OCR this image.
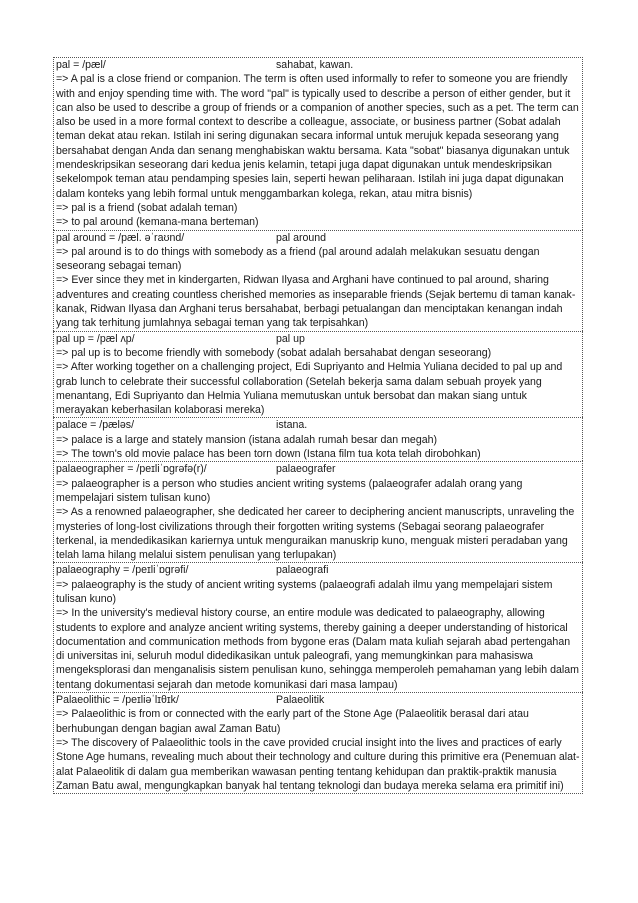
pal = /pæl/	sahabat, kawan.
=> A pal is a close friend or companion. The term is often used informally to refer to someone you are friendly with and enjoy spending time with. The word "pal" is typically used to describe a person of either gender, but it can also be used to describe a group of friends or a companion of another species, such as a pet. The term can also be used in a more formal context to describe a colleague, associate, or business partner (Sobat adalah teman dekat atau rekan. Istilah ini sering digunakan secara informal untuk merujuk kepada seseorang yang bersahabat dengan Anda dan senang menghabiskan waktu bersama. Kata "sobat" biasanya digunakan untuk mendeskripsikan seseorang dari kedua jenis kelamin, tetapi juga dapat digunakan untuk mendeskripsikan sekelompok teman atau pendamping spesies lain, seperti hewan peliharaan. Istilah ini juga dapat digunakan dalam konteks yang lebih formal untuk menggambarkan kolega, rekan, atau mitra bisnis)
=> pal is a friend (sobat adalah teman)
=> to pal around (kemana-mana berteman)
pal around = /pæl. əˈraʊnd/	pal around
=> pal around is to do things with somebody as a friend (pal around adalah melakukan sesuatu dengan seseorang sebagai teman)
=> Ever since they met in kindergarten, Ridwan Ilyasa and Arghani have continued to pal around, sharing adventures and creating countless cherished memories as inseparable friends (Sejak bertemu di taman kanak-kanak, Ridwan Ilyasa dan Arghani terus bersahabat, berbagi petualangan dan menciptakan kenangan indah yang tak terhitung jumlahnya sebagai teman yang tak terpisahkan)
pal up = /pæl ʌp/	pal up
=> pal up is to become friendly with somebody (sobat adalah bersahabat dengan seseorang)
=> After working together on a challenging project, Edi Supriyanto and Helmia Yuliana decided to pal up and grab lunch to celebrate their successful collaboration (Setelah bekerja sama dalam sebuah proyek yang menantang, Edi Supriyanto dan Helmia Yuliana memutuskan untuk bersobat dan makan siang untuk merayakan keberhasilan kolaborasi mereka)
palace = /pæləs/	istana.
=> palace is a large and stately mansion (istana adalah rumah besar dan megah)
=> The town's old movie palace has been torn down (Istana film tua kota telah dirobohkan)
palaeographer = /peɪliˈɒɡrəfə(r)/	palaeografer
=> palaeographer is a person who studies ancient writing systems (palaeografer adalah orang yang mempelajari sistem tulisan kuno)
=> As a renowned palaeographer, she dedicated her career to deciphering ancient manuscripts, unraveling the mysteries of long-lost civilizations through their forgotten writing systems (Sebagai seorang palaeografer terkenal, ia mendedikasikan kariernya untuk menguraikan manuskrip kuno, menguak misteri peradaban yang telah lama hilang melalui sistem penulisan yang terlupakan)
palaeography = /peɪliˈɒɡrəfi/	palaeografi
=> palaeography is the study of ancient writing systems (palaeografi adalah ilmu yang mempelajari sistem tulisan kuno)
=> In the university's medieval history course, an entire module was dedicated to palaeography, allowing students to explore and analyze ancient writing systems, thereby gaining a deeper understanding of historical documentation and communication methods from bygone eras (Dalam mata kuliah sejarah abad pertengahan di universitas ini, seluruh modul didedikasikan untuk paleografi, yang memungkinkan para mahasiswa mengeksplorasi dan menganalisis sistem penulisan kuno, sehingga memperoleh pemahaman yang lebih dalam tentang dokumentasi sejarah dan metode komunikasi dari masa lampau)
Palaeolithic = /peɪliəˈlɪθɪk/	Palaeolitik
=> Palaeolithic is from or connected with the early part of the Stone Age (Palaeolitik berasal dari atau berhubungan dengan bagian awal Zaman Batu)
=> The discovery of Palaeolithic tools in the cave provided crucial insight into the lives and practices of early Stone Age humans, revealing much about their technology and culture during this primitive era (Penemuan alat-alat Palaeolitik di dalam gua memberikan wawasan penting tentang kehidupan dan praktik-praktik manusia Zaman Batu awal, mengungkapkan banyak hal tentang teknologi dan budaya mereka selama era primitif ini)
